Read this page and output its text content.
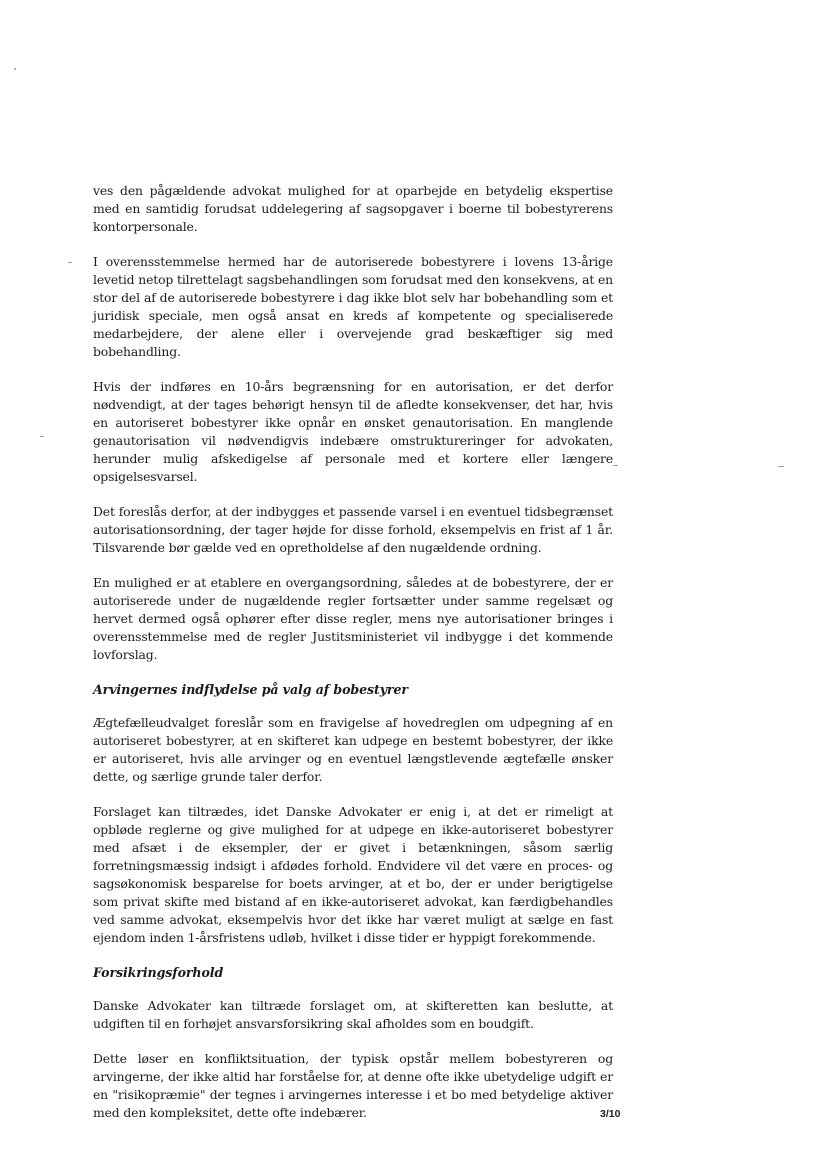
ves den pågældende advokat mulighed for at oparbejde en betydelig ekspertise med en samtidig forudsat uddelegering af sagsopgaver i boerne til bobestyrerens kontorpersonale.

I overensstemmelse hermed har de autoriserede bobestyrere i lovens 13-årige levetid netop tilrettelagt sagsbehandlingen som forudsat med den konsekvens, at en stor del af de autoriserede bobestyrere i dag ikke blot selv har bobehandling som et juridisk speciale, men også ansat en kreds af kompetente og specialiserede medarbejdere, der alene eller i overvejende grad beskæftiger sig med bobehandling.

Hvis der indføres en 10-års begrænsning for en autorisation, er det derfor nødvendigt, at der tages behørigt hensyn til de afledte konsekvenser, det har, hvis en autoriseret bobestyrer ikke opnår en ønsket genautorisation. En manglende genautorisation vil nødvendigvis indebære omstruktureringer for advokaten, herunder mulig afskedigelse af personale med et kortere eller længere opsigelsesvarsel.

Det foreslås derfor, at der indbygges et passende varsel i en eventuel tidsbegrænset autorisationsordning, der tager højde for disse forhold, eksempelvis en frist af 1 år. Tilsvarende bør gælde ved en opretholdelse af den nugældende ordning.

En mulighed er at etablere en overgangsordning, således at de bobestyrere, der er autoriserede under de nugældende regler fortsætter under samme regelsæt og hervet dermed også ophører efter disse regler, mens nye autorisationer bringes i overensstemmelse med de regler Justitsministeriet vil indbygge i det kommende lovforslag.

Arvingernes indflydelse på valg af bobestyrer

Ægtefælleudvalget foreslår som en fravigelse af hovedreglen om udpegning af en autoriseret bobestyrer, at en skifteret kan udpege en bestemt bobestyrer, der ikke er autoriseret, hvis alle arvinger og en eventuel længstlevende ægtefælle ønsker dette, og særlige grunde taler derfor.

Forslaget kan tiltrædes, idet Danske Advokater er enig i, at det er rimeligt at opbløde reglerne og give mulighed for at udpege en ikke-autoriseret bobestyrer med afsæt i de eksempler, der er givet i betænkningen, såsom særlig forretningsmæssig indsigt i afdødes forhold. Endvidere vil det være en proces- og sagsøkonomisk besparelse for boets arvinger, at et bo, der er under berigtigelse som privat skifte med bistand af en ikke-autoriseret advokat, kan færdigbehandles ved samme advokat, eksempelvis hvor det ikke har været muligt at sælge en fast ejendom inden 1-årsfristens udløb, hvilket i disse tider er hyppigt forekommende.

Forsikringsforhold

Danske Advokater kan tiltræde forslaget om, at skifteretten kan beslutte, at udgiften til en forhøjet ansvarsforsikring skal afholdes som en boudgift.

Dette løser en konfliktsituation, der typisk opstår mellem bobestyreren og arvingerne, der ikke altid har forståelse for, at denne ofte ikke ubetydelige udgift er en "risikopræmie" der tegnes i arvingernes interesse i et bo med betydelige aktiver med den kompleksitet, dette ofte indebærer.	3/10
